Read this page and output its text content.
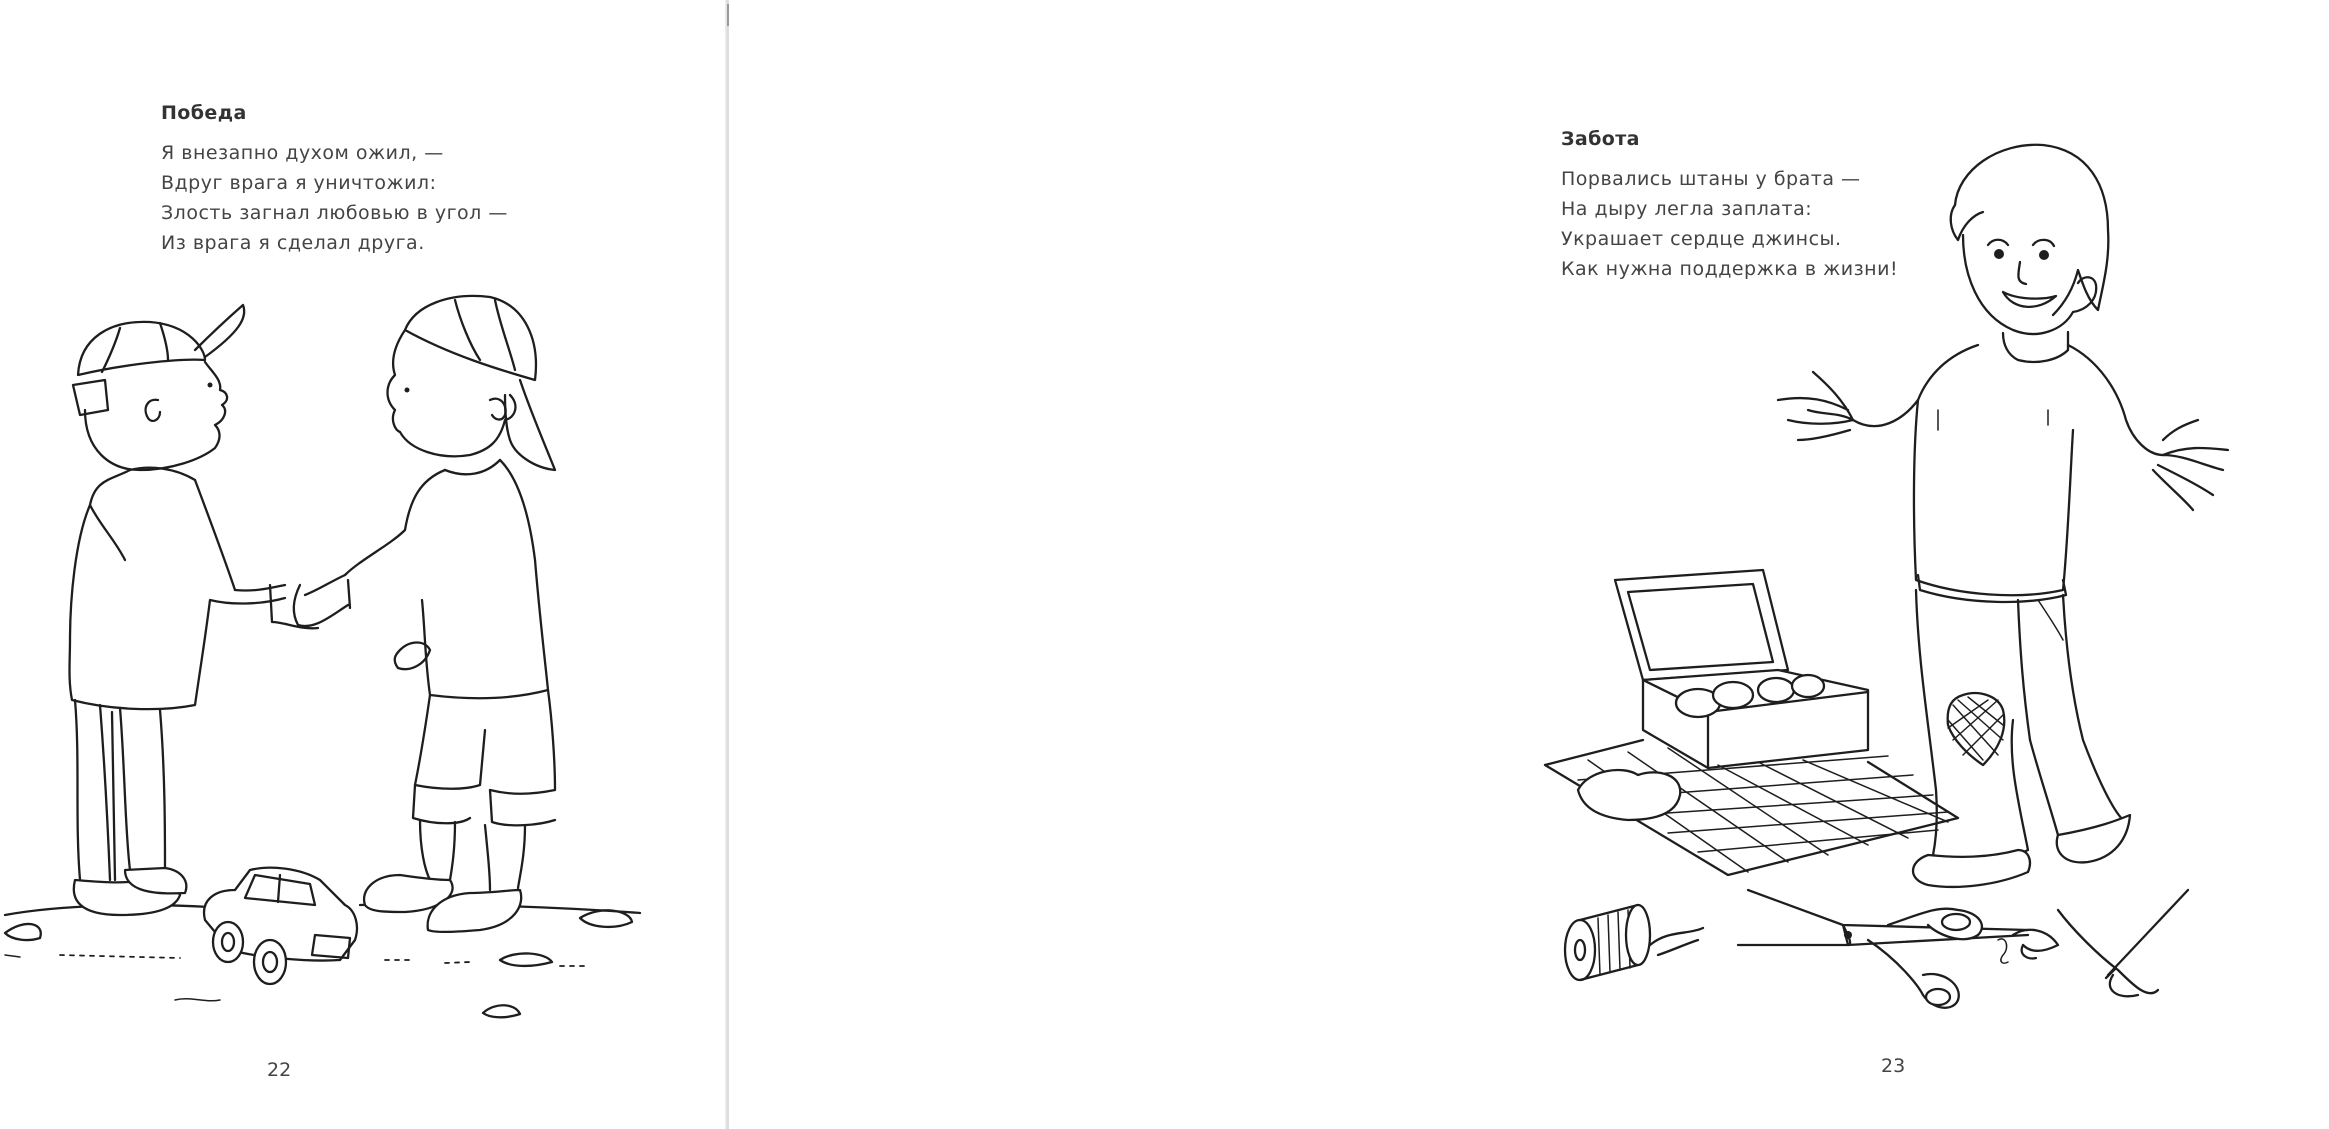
Победа

Я внезапно духом ожил, —

Вдруг врага я уничтожил:

Злость загнал любовью в угол —

Из врага я сделал друга.

22

Забота

Порвались штаны у брата —

На дыру легла заплата:

Украшает сердце джинсы.

Как нужна поддержка в жизни!

23
